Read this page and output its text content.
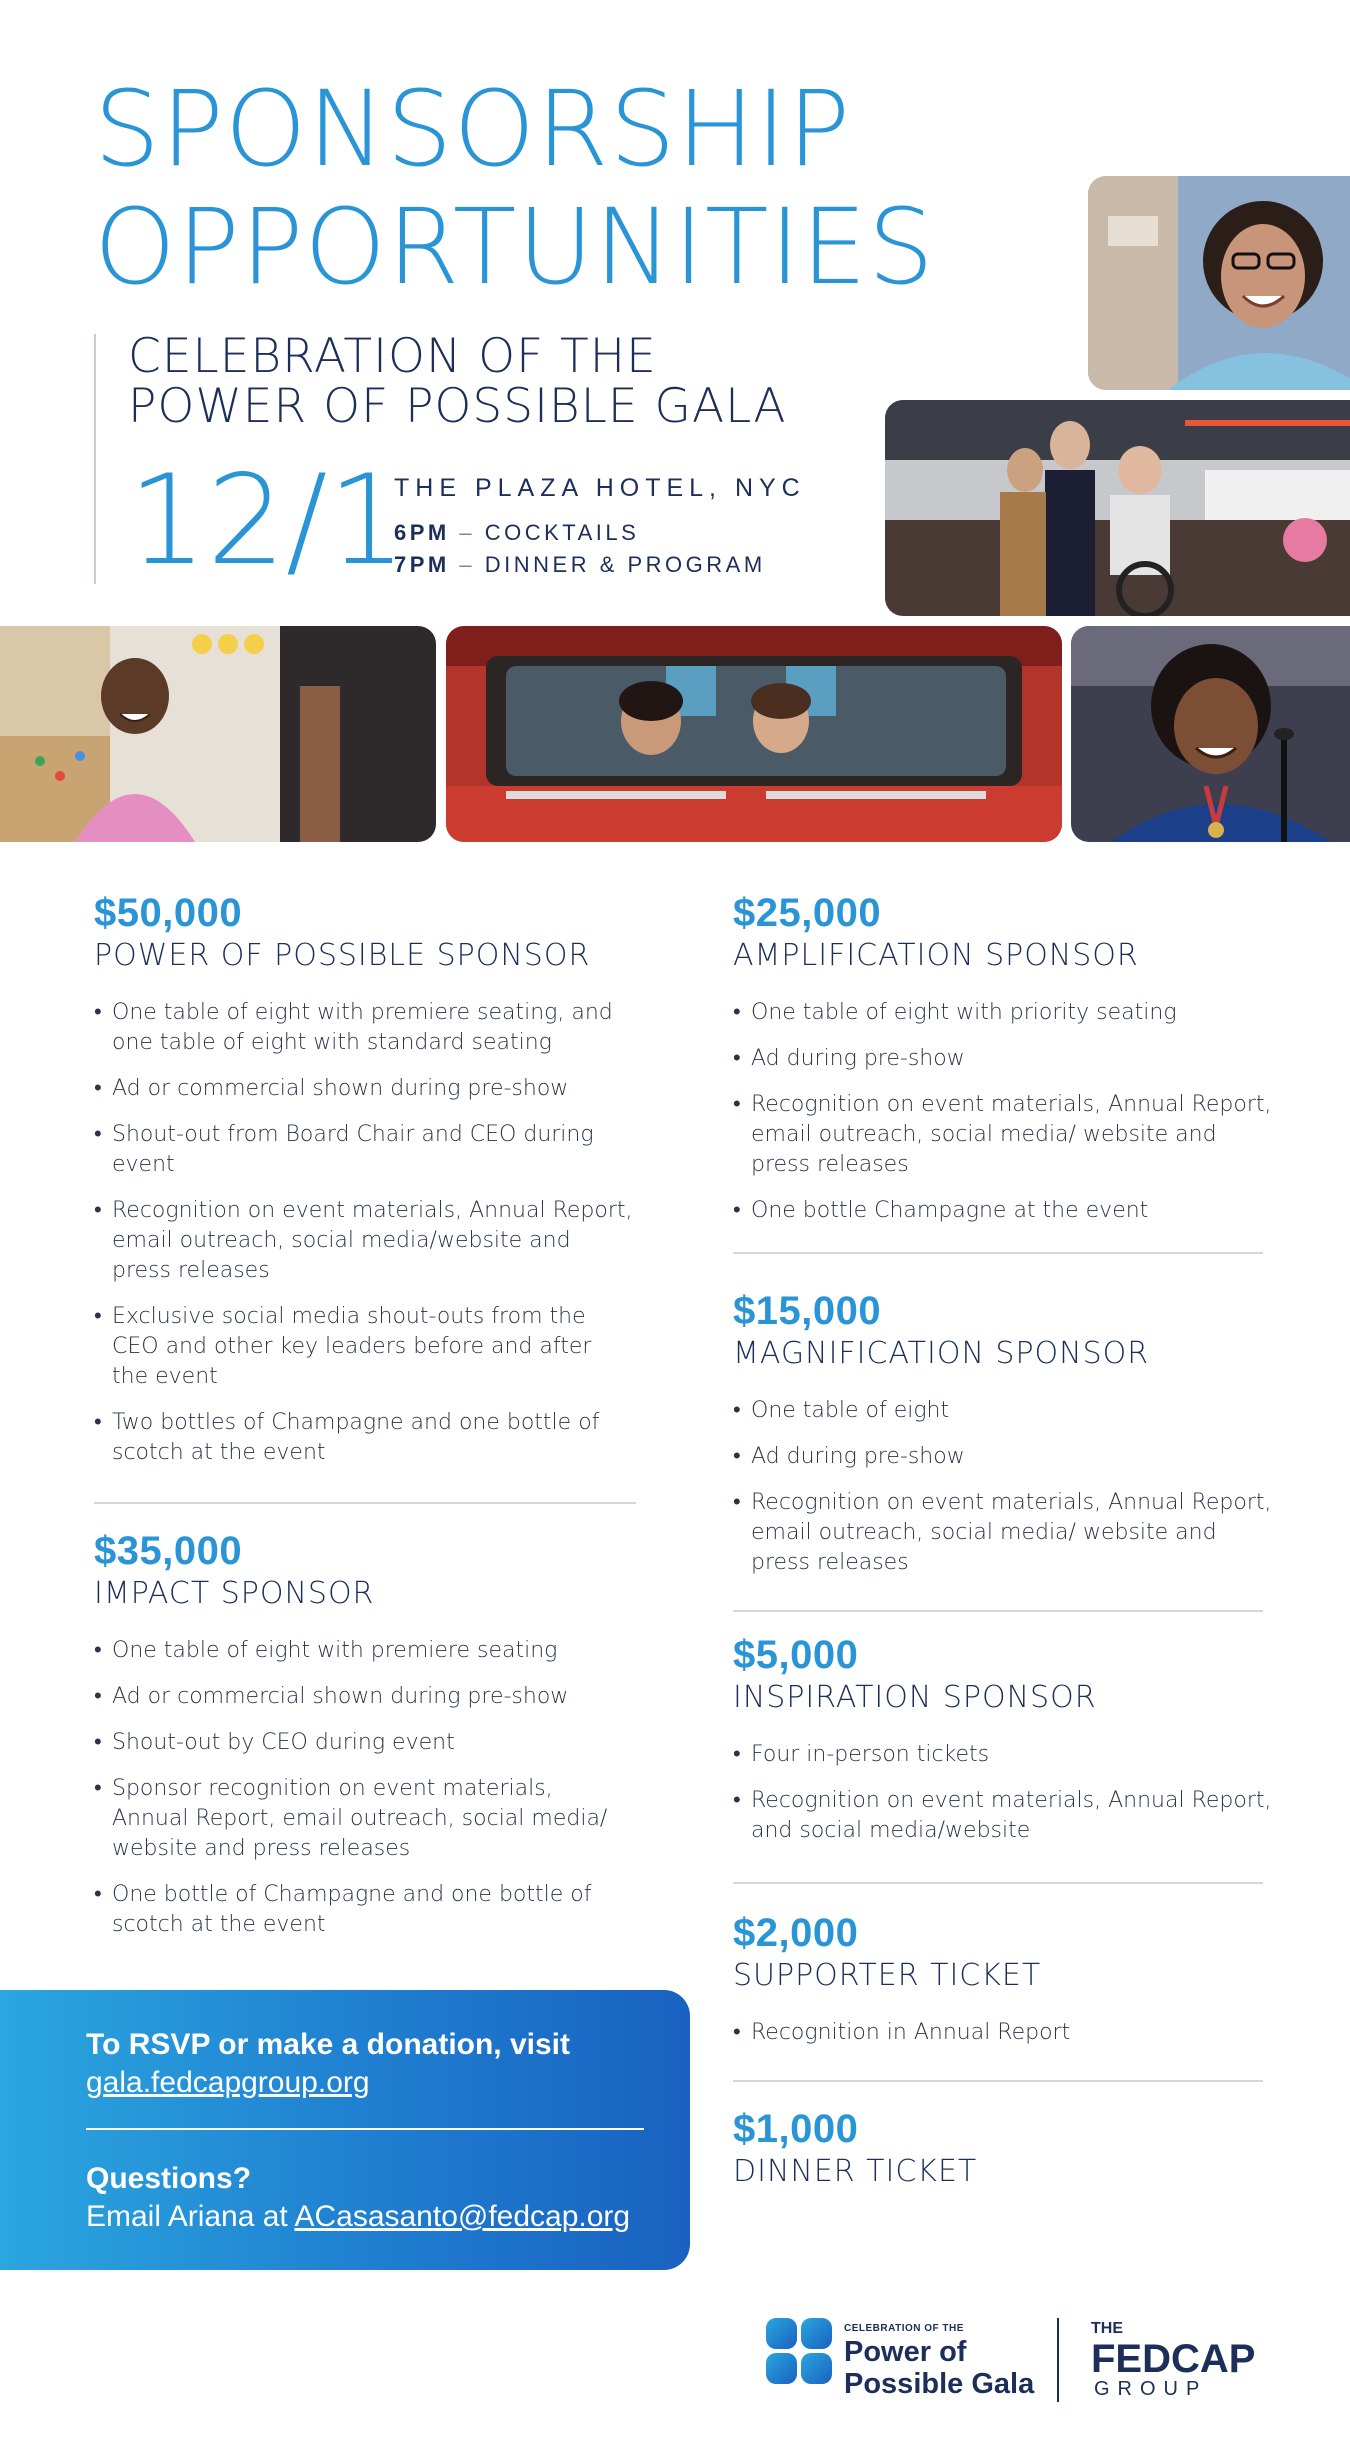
SPONSORSHIP
OPPORTUNITIES
CELEBRATION OF THE
POWER OF POSSIBLE GALA
12/1
THE PLAZA HOTEL, NYC
6PM – COCKTAILS
7PM – DINNER & PROGRAM
$50,000
POWER OF POSSIBLE SPONSOR
• One table of eight with premiere seating, and one table of eight with standard seating
• Ad or commercial shown during pre-show
• Shout-out from Board Chair and CEO during event
• Recognition on event materials, Annual Report, email outreach, social media/website and press releases
• Exclusive social media shout-outs from the CEO and other key leaders before and after the event
• Two bottles of Champagne and one bottle of scotch at the event
$35,000
IMPACT SPONSOR
• One table of eight with premiere seating
• Ad or commercial shown during pre-show
• Shout-out by CEO during event
• Sponsor recognition on event materials, Annual Report, email outreach, social media/ website and press releases
• One bottle of Champagne and one bottle of scotch at the event
$25,000
AMPLIFICATION SPONSOR
• One table of eight with priority seating
• Ad during pre-show
• Recognition on event materials, Annual Report, email outreach, social media/ website and press releases
• One bottle Champagne at the event
$15,000
MAGNIFICATION SPONSOR
• One table of eight
• Ad during pre-show
• Recognition on event materials, Annual Report, email outreach, social media/ website and press releases
$5,000
INSPIRATION SPONSOR
• Four in-person tickets
• Recognition on event materials, Annual Report, and social media/website
$2,000
SUPPORTER TICKET
• Recognition in Annual Report
$1,000
DINNER TICKET
To RSVP or make a donation, visit
gala.fedcapgroup.org
Questions?
Email Ariana at ACasasanto@fedcap.org
CELEBRATION OF THE
Power of
Possible Gala
THE
FEDCAP
GROUP
